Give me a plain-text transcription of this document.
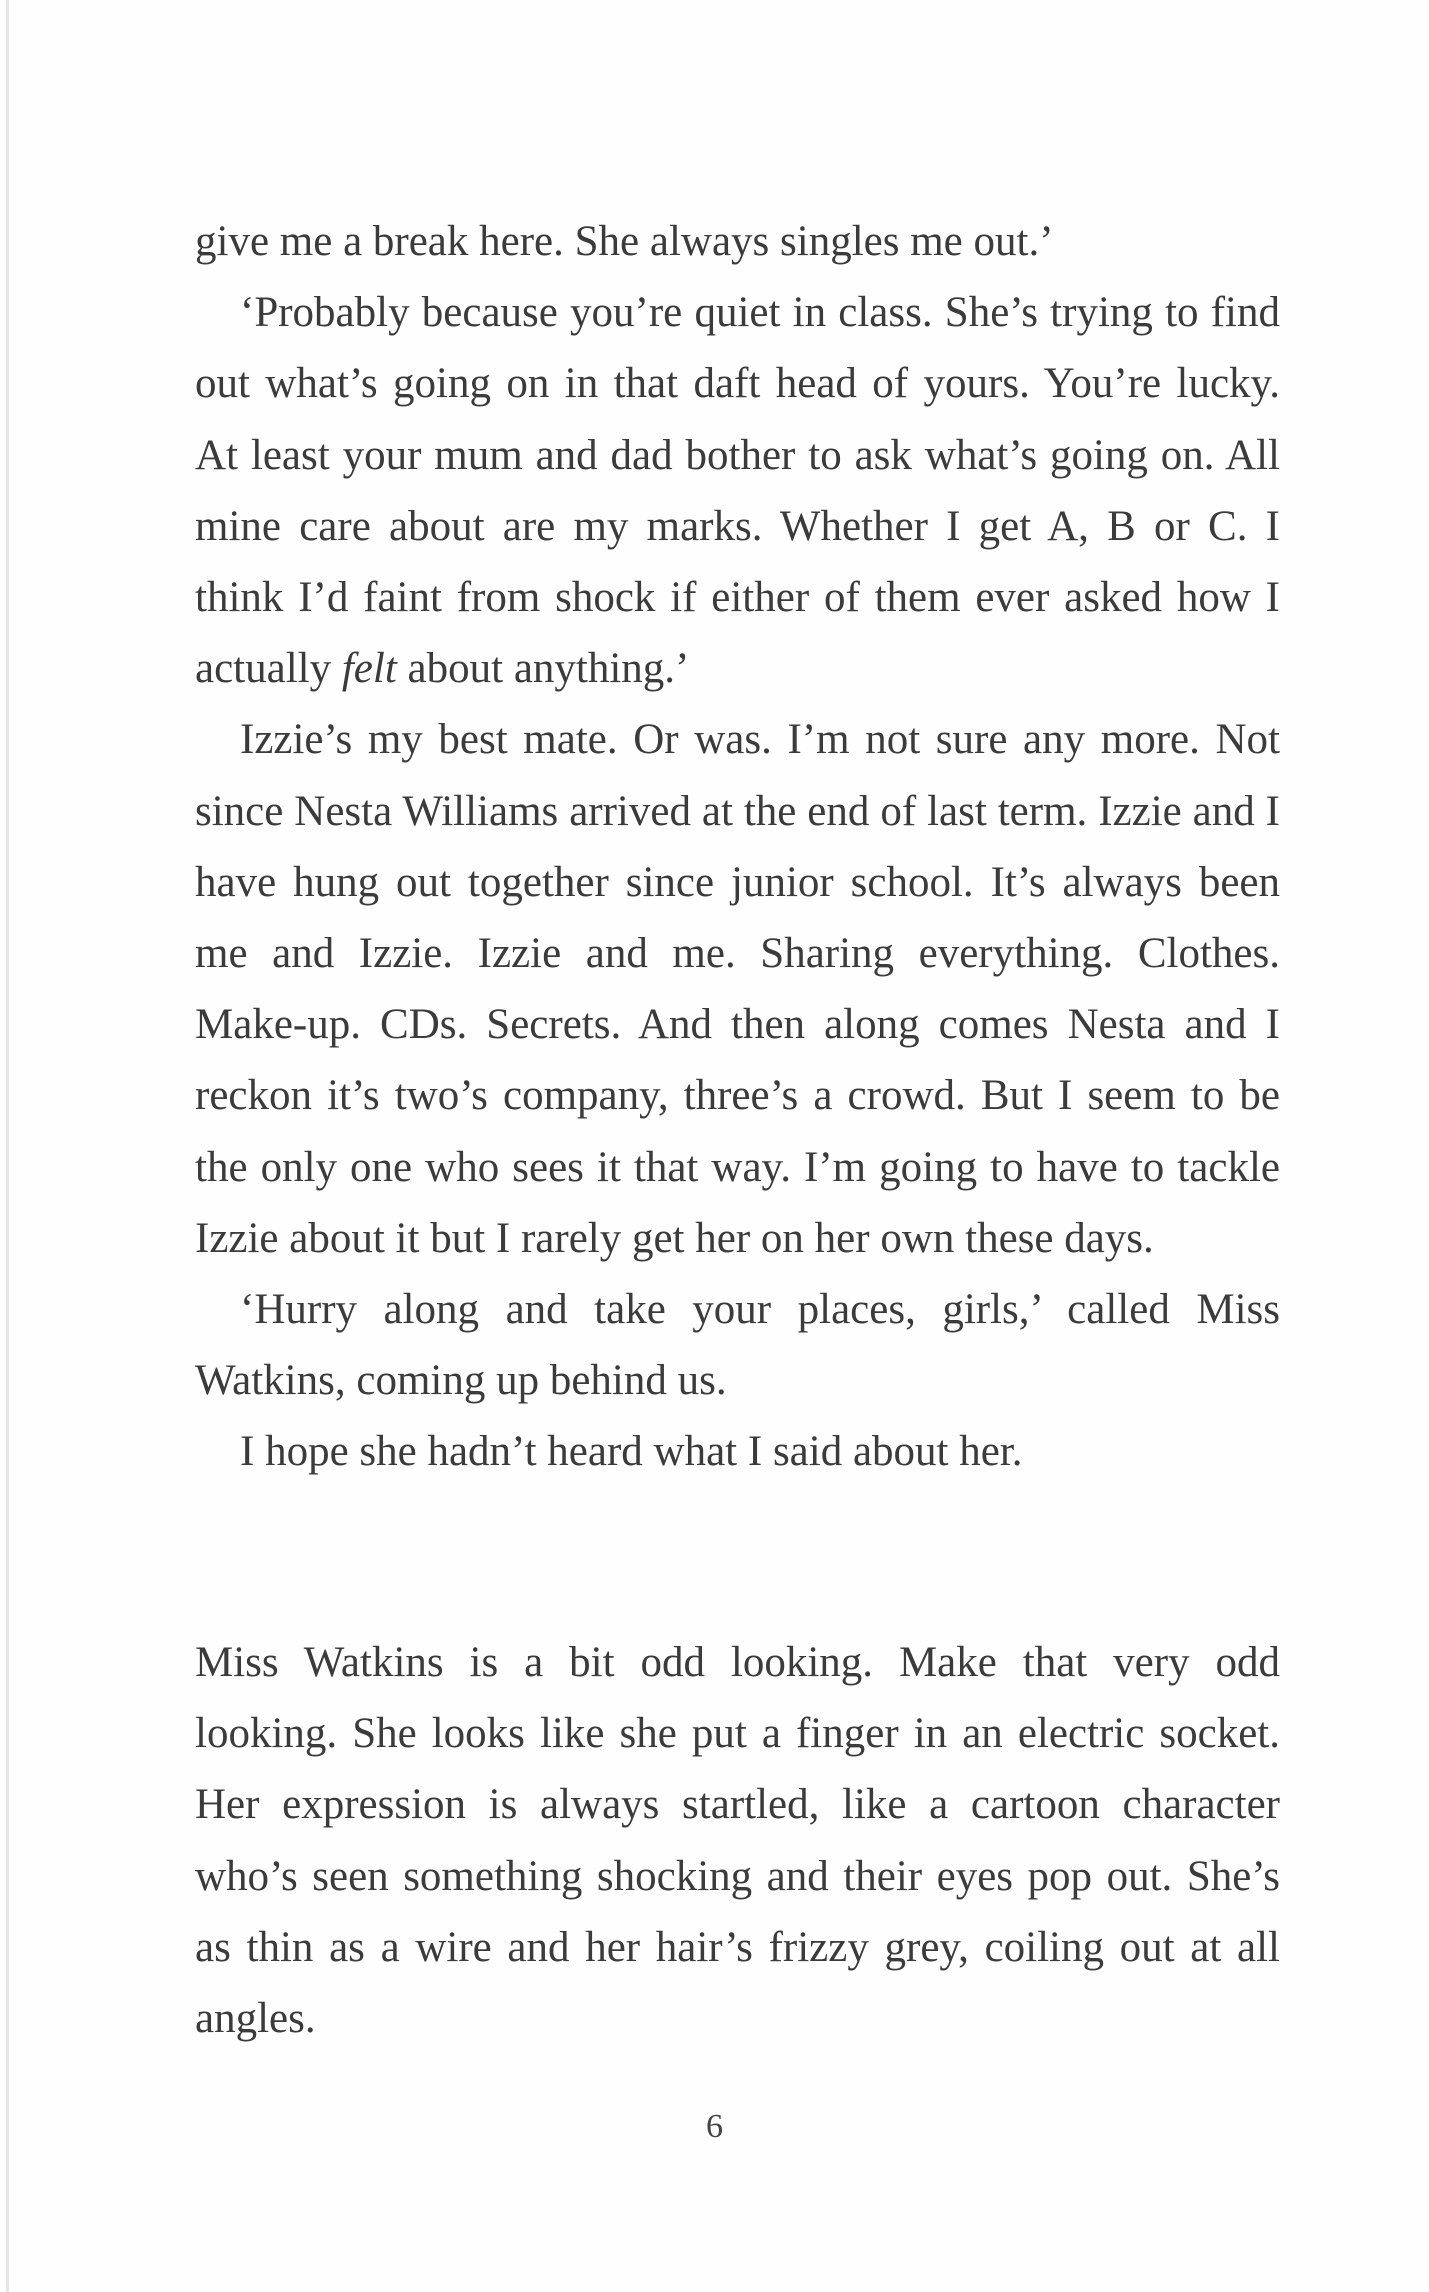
give me a break here. She always singles me out.’

‘Probably because you’re quiet in class. She’s trying to find out what’s going on in that daft head of yours. You’re lucky. At least your mum and dad bother to ask what’s going on. All mine care about are my marks. Whether I get A, B or C. I think I’d faint from shock if either of them ever asked how I actually felt about anything.’

Izzie’s my best mate. Or was. I’m not sure any more. Not since Nesta Williams arrived at the end of last term. Izzie and I have hung out together since junior school. It’s always been me and Izzie. Izzie and me. Sharing everything. Clothes. Make-up. CDs. Secrets. And then along comes Nesta and I reckon it’s two’s company, three’s a crowd. But I seem to be the only one who sees it that way. I’m going to have to tackle Izzie about it but I rarely get her on her own these days.

‘Hurry along and take your places, girls,’ called Miss Watkins, coming up behind us.

I hope she hadn’t heard what I said about her.

Miss Watkins is a bit odd looking. Make that very odd looking. She looks like she put a finger in an electric socket. Her expression is always startled, like a cartoon character who’s seen something shocking and their eyes pop out. She’s as thin as a wire and her hair’s frizzy grey, coiling out at all angles.

6
